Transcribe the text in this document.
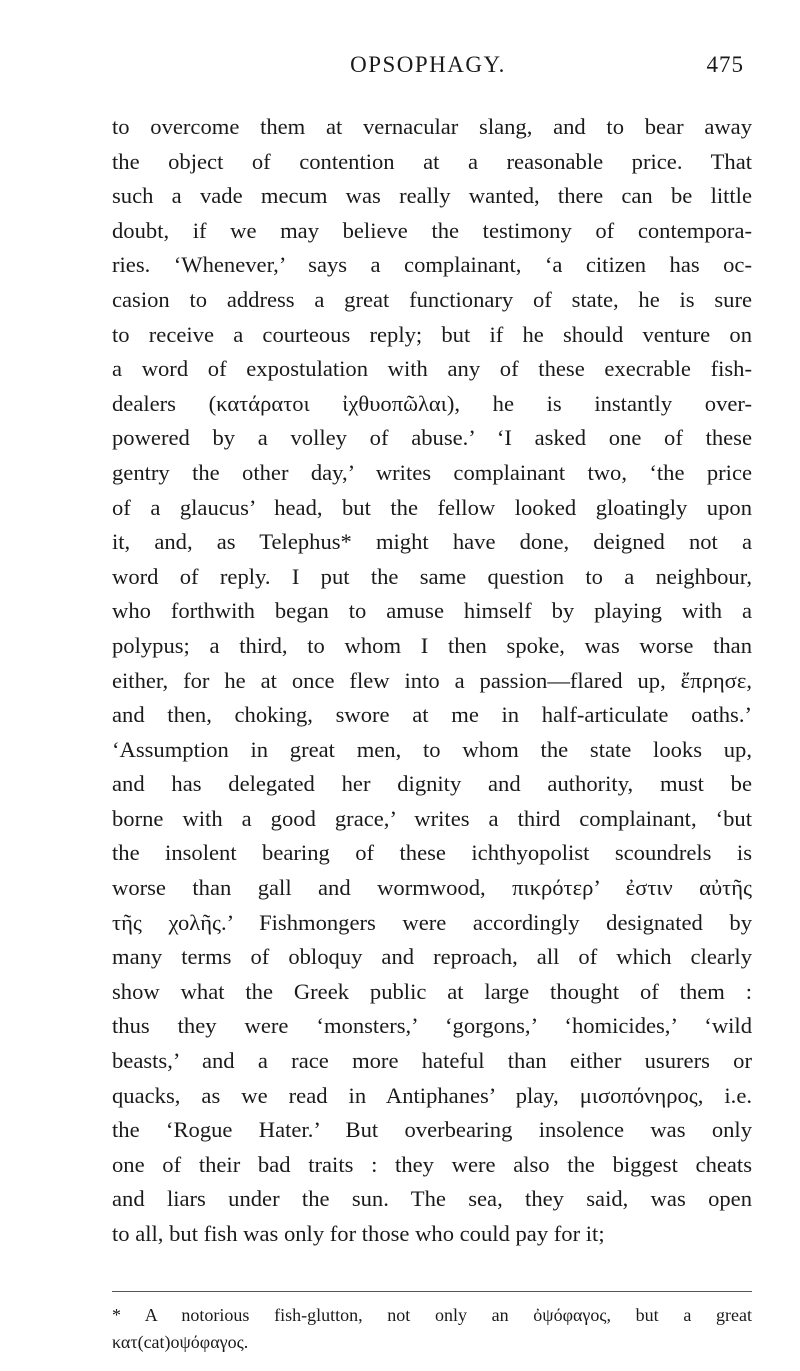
OPSOPHAGY.	475
to overcome them at vernacular slang, and to bear away
the object of contention at a reasonable price. That
such a vade mecum was really wanted, there can be little
doubt, if we may believe the testimony of contempora-
ries. ‘Whenever,’ says a complainant, ‘a citizen has oc-
casion to address a great functionary of state, he is sure
to receive a courteous reply; but if he should venture on
a word of expostulation with any of these execrable fish-
dealers (κατάρατοι ἰχθυοπῶλαι), he is instantly over-
powered by a volley of abuse.’ ‘I asked one of these
gentry the other day,’ writes complainant two, ‘the price
of a glaucus’ head, but the fellow looked gloatingly upon
it, and, as Telephus* might have done, deigned not a
word of reply. I put the same question to a neighbour,
who forthwith began to amuse himself by playing with a
polypus; a third, to whom I then spoke, was worse than
either, for he at once flew into a passion—flared up, ἔπρησε,
and then, choking, swore at me in half-articulate oaths.’
‘Assumption in great men, to whom the state looks up,
and has delegated her dignity and authority, must be
borne with a good grace,’ writes a third complainant, ‘but
the insolent bearing of these ichthyopolist scoundrels is
worse than gall and wormwood, πικρότερ’ ἐστιν αὐτῆς
τῆς χολῆς.’ Fishmongers were accordingly designated by
many terms of obloquy and reproach, all of which clearly
show what the Greek public at large thought of them :
thus they were ‘monsters,’ ‘gorgons,’ ‘homicides,’ ‘wild
beasts,’ and a race more hateful than either usurers or
quacks, as we read in Antiphanes’ play, μισοπόνηρος, i.e.
the ‘Rogue Hater.’ But overbearing insolence was only
one of their bad traits : they were also the biggest cheats
and liars under the sun. The sea, they said, was open
to all, but fish was only for those who could pay for it;
* A notorious fish-glutton, not only an ὀψόφαγος, but a great
κατ(cat)οψόφαγος.
